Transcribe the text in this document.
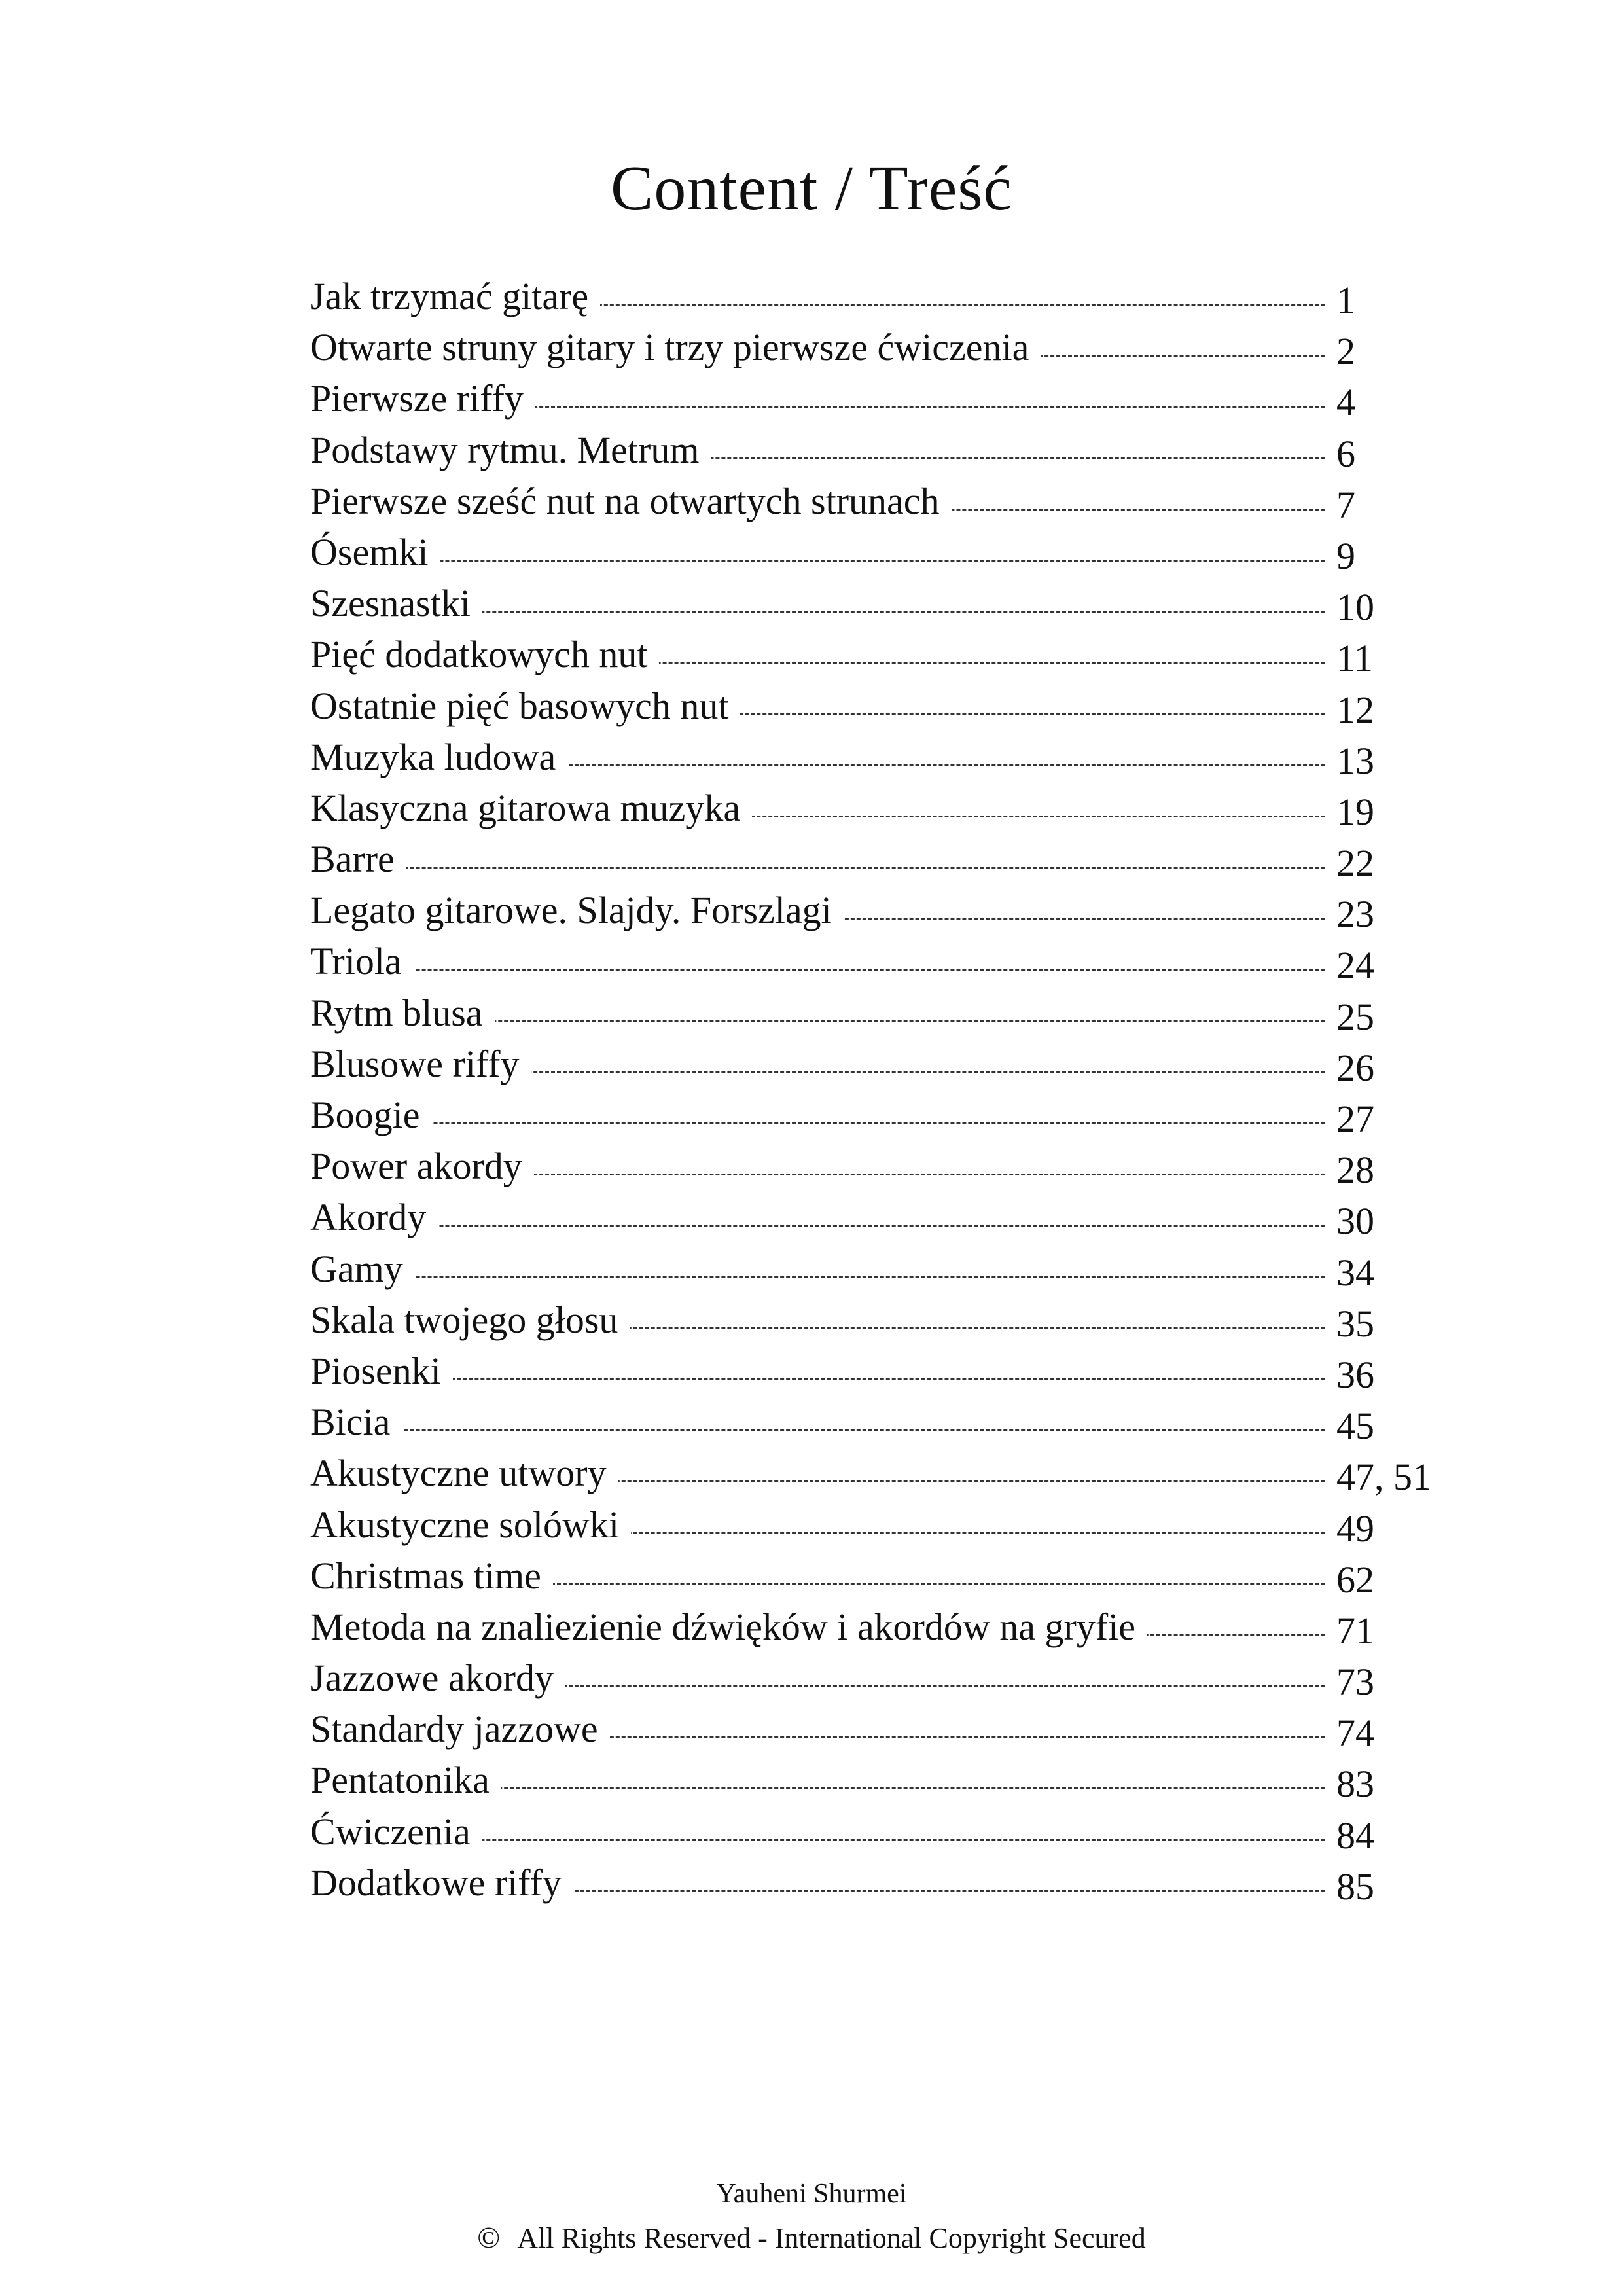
Content / Treść
Jak trzymać gitarę	1
Otwarte struny gitary i trzy pierwsze ćwiczenia	2
Pierwsze riffy	4
Podstawy rytmu. Metrum	6
Pierwsze sześć nut na otwartych strunach	7
Ósemki	9
Szesnastki	10
Pięć dodatkowych nut	11
Ostatnie pięć basowych nut	12
Muzyka ludowa	13
Klasyczna gitarowa muzyka	19
Barre	22
Legato gitarowe. Slajdy. Forszlagi	23
Triola	24
Rytm blusa	25
Blusowe riffy	26
Boogie	27
Power akordy	28
Akordy	30
Gamy	34
Skala twojego głosu	35
Piosenki	36
Bicia	45
Akustyczne utwory	47, 51
Akustyczne solówki	49
Christmas time	62
Metoda na znaliezienie dźwięków i akordów na gryfie	71
Jazzowe akordy	73
Standardy jazzowe	74
Pentatonika	83
Ćwiczenia	84
Dodatkowe riffy	85
Yauheni Shurmei
© All Rights Reserved - International Copyright Secured
